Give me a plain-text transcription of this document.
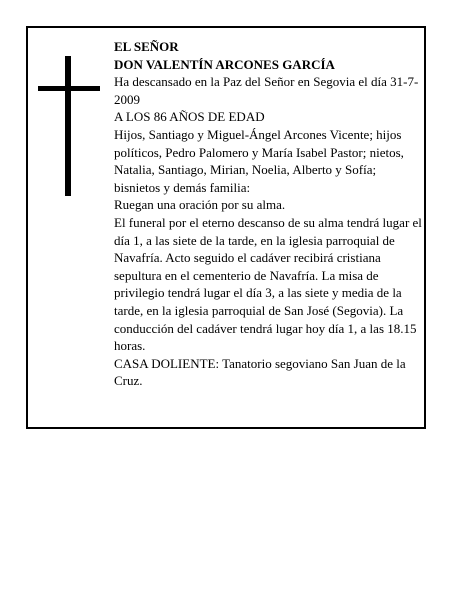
EL SEÑOR

DON VALENTÍN ARCONES GARCÍA

Ha descansado en la Paz del Señor en Segovia el día 31-7-2009

A LOS 86 AÑOS DE EDAD

Hijos, Santiago y Miguel-Ángel Arcones Vicente; hijos políticos, Pedro Palomero y María Isabel Pastor; nietos, Natalia, Santiago, Mirian, Noelia, Alberto y Sofía; bisnietos y demás familia:

Ruegan una oración por su alma.

El funeral por el eterno descanso de su alma tendrá lugar el día 1, a las siete de la tarde, en la iglesia parroquial de Navafría. Acto seguido el cadáver recibirá cristiana sepultura en el cementerio de Navafría. La misa de privilegio tendrá lugar el día 3, a las siete y media de la tarde, en la iglesia parroquial de San José (Segovia). La conducción del cadáver tendrá lugar hoy día 1, a las 18.15 horas.

CASA DOLIENTE: Tanatorio segoviano San Juan de la Cruz.
